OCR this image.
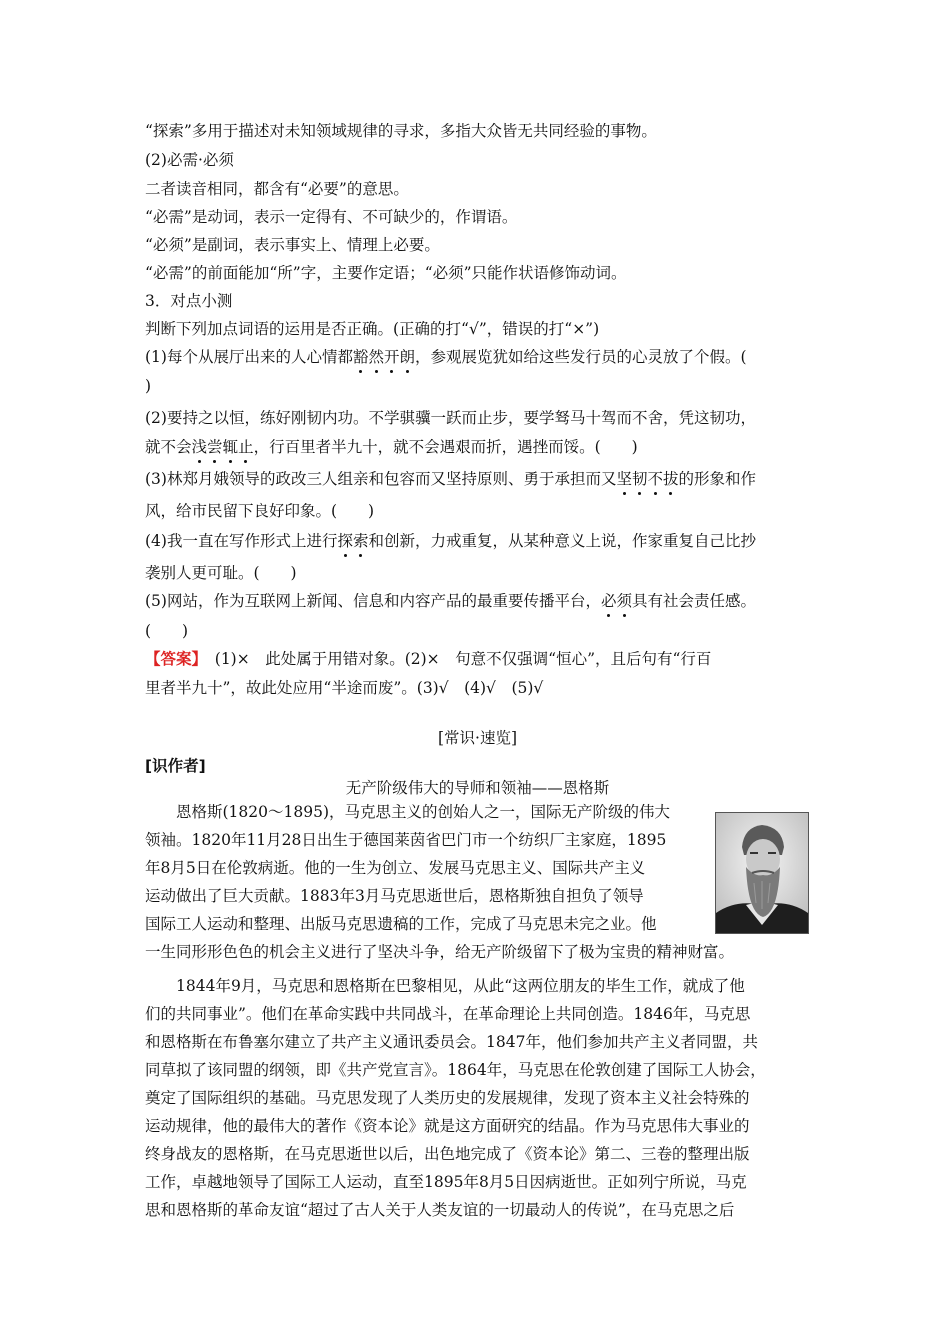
“探索”多用于描述对未知领域规律的寻求，多指大众皆无共同经验的事物。
(2)必需·必须
二者读音相同，都含有“必要”的意思。
“必需”是动词，表示一定得有、不可缺少的，作谓语。
“必须”是副词，表示事实上、情理上必要。
“必需”的前面能加“所”字，主要作定语；“必须”只能作状语修饰动词。
3．对点小测
判断下列加点词语的运用是否正确。(正确的打“√”，错误的打“×”)
(1)每个从展厅出来的人心情都豁然开朗，参观展览犹如给这些发行员的心灵放了个假。(
)
(2)要持之以恒，练好刚韧内功。不学骐骥一跃而止步，要学驽马十驾而不舍，凭这韧功，
就不会浅尝辄止，行百里者半九十，就不会遇艰而折，遇挫而馁。(　　)
(3)林郑月娥领导的政改三人组亲和包容而又坚持原则、勇于承担而又坚韧不拔的形象和作
风，给市民留下良好印象。(　　)
(4)我一直在写作形式上进行探索和创新，力戒重复，从某种意义上说，作家重复自己比抄
袭别人更可耻。(　　)
(5)网站，作为互联网上新闻、信息和内容产品的最重要传播平台，必须具有社会责任感。
(　　)
【答案】　(1)×　此处属于用错对象。(2)×　句意不仅强调“恒心”，且后句有“行百
里者半九十”，故此处应用“半途而废”。(3)√　(4)√　(5)√
[常识·速览]
[识作者]
无产阶级伟大的导师和领袖——恩格斯
恩格斯(1820～1895)，马克思主义的创始人之一，国际无产阶级的伟大
领袖。1820年11月28日出生于德国莱茵省巴门市一个纺织厂主家庭，1895
年8月5日在伦敦病逝。他的一生为创立、发展马克思主义、国际共产主义
运动做出了巨大贡献。1883年3月马克思逝世后，恩格斯独自担负了领导
国际工人运动和整理、出版马克思遗稿的工作，完成了马克思未完之业。他
一生同形形色色的机会主义进行了坚决斗争，给无产阶级留下了极为宝贵的精神财富。
1844年9月，马克思和恩格斯在巴黎相见，从此“这两位朋友的毕生工作，就成了他
们的共同事业”。他们在革命实践中共同战斗，在革命理论上共同创造。1846年，马克思
和恩格斯在布鲁塞尔建立了共产主义通讯委员会。1847年，他们参加共产主义者同盟，共
同草拟了该同盟的纲领，即《共产党宣言》。1864年，马克思在伦敦创建了国际工人协会，
奠定了国际组织的基础。马克思发现了人类历史的发展规律，发现了资本主义社会特殊的
运动规律，他的最伟大的著作《资本论》就是这方面研究的结晶。作为马克思伟大事业的
终身战友的恩格斯，在马克思逝世以后，出色地完成了《资本论》第二、三卷的整理出版
工作，卓越地领导了国际工人运动，直至1895年8月5日因病逝世。正如列宁所说，马克
思和恩格斯的革命友谊“超过了古人关于人类友谊的一切最动人的传说”，在马克思之后
